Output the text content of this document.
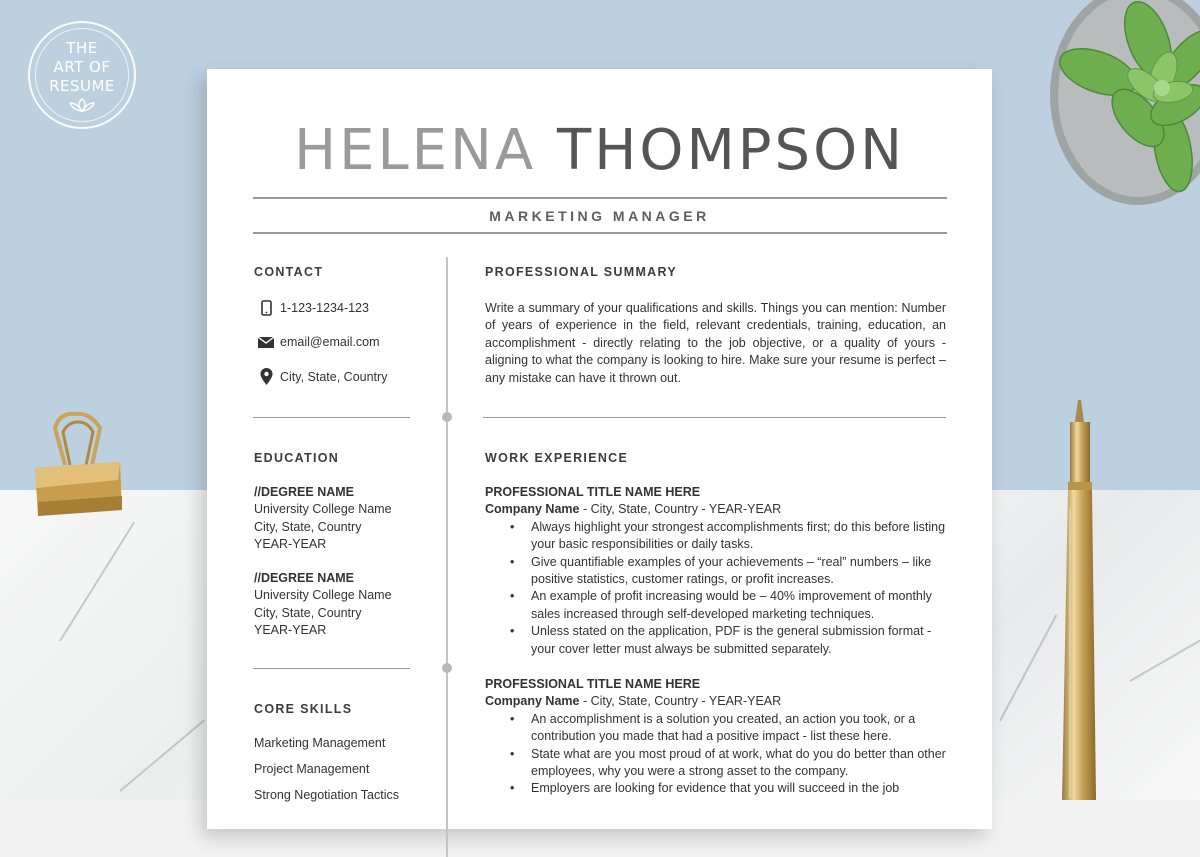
THE
ART OF
RESUME
HELENA THOMPSON
MARKETING MANAGER
CONTACT
1-123-1234-123
email@email.com
City, State, Country
EDUCATION
//DEGREE NAME
University College Name
City, State, Country
YEAR-YEAR
//DEGREE NAME
University College Name
City, State, Country
YEAR-YEAR
CORE SKILLS
Marketing Management
Project Management
Strong Negotiation Tactics
PROFESSIONAL SUMMARY
Write a summary of your qualifications and skills. Things you can mention: Number of years of experience in the field, relevant credentials, training, education, an accomplishment - directly relating to the job objective, or a quality of yours - aligning to what the company is looking to hire. Make sure your resume is perfect – any mistake can have it thrown out.
WORK EXPERIENCE
PROFESSIONAL TITLE NAME HERE
Company Name - City, State, Country - YEAR-YEAR
• Always highlight your strongest accomplishments first; do this before listing your basic responsibilities or daily tasks.
• Give quantifiable examples of your achievements – “real” numbers – like positive statistics, customer ratings, or profit increases.
• An example of profit increasing would be – 40% improvement of monthly sales increased through self-developed marketing techniques.
• Unless stated on the application, PDF is the general submission format - your cover letter must always be submitted separately.
PROFESSIONAL TITLE NAME HERE
Company Name - City, State, Country - YEAR-YEAR
• An accomplishment is a solution you created, an action you took, or a contribution you made that had a positive impact - list these here.
• State what are you most proud of at work, what do you do better than other employees, why you were a strong asset to the company.
• Employers are looking for evidence that you will succeed in the job
